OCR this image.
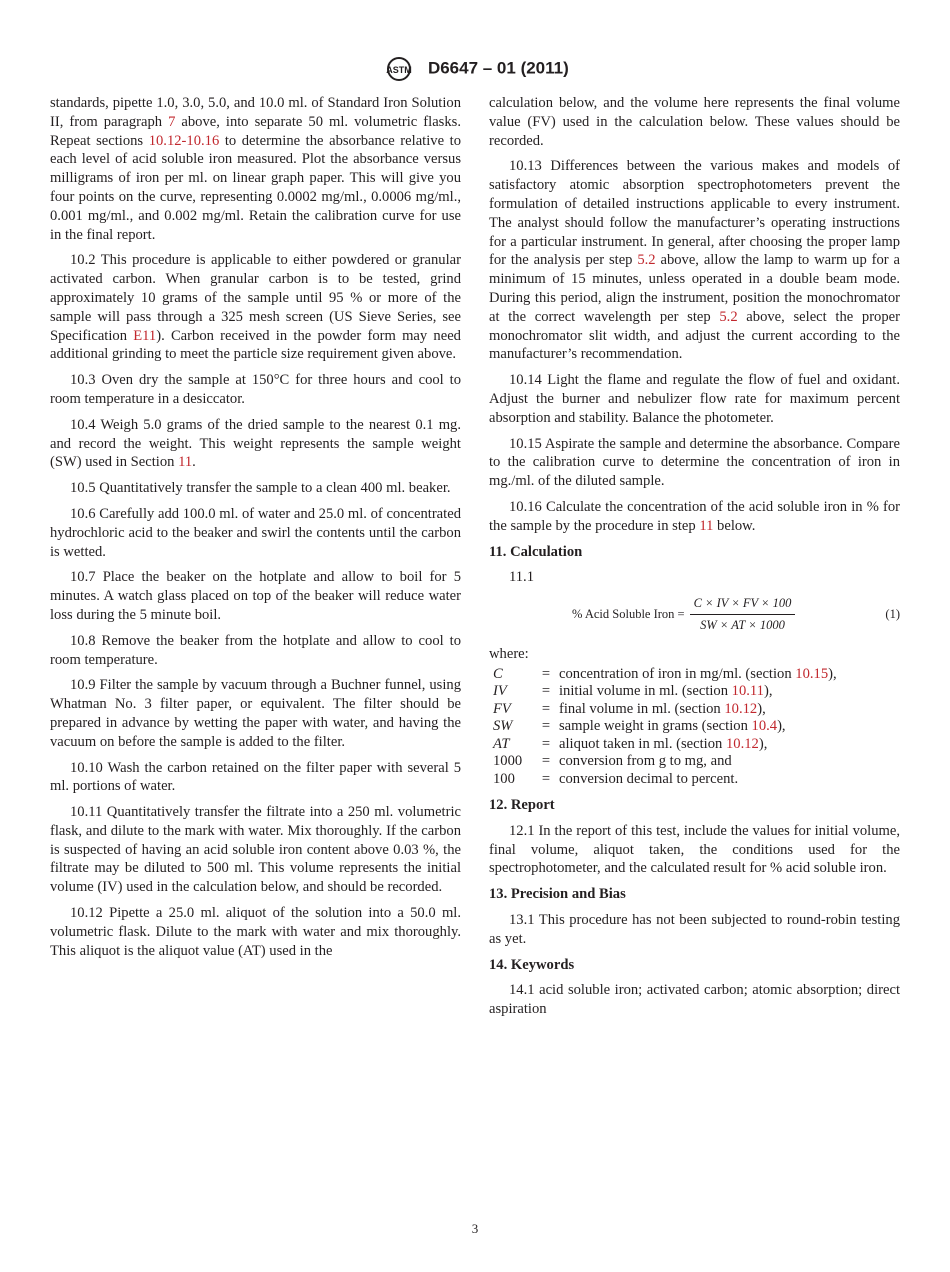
ASTM D6647 – 01 (2011)

standards, pipette 1.0, 3.0, 5.0, and 10.0 ml. of Standard Iron Solution II, from paragraph 7 above, into separate 50 ml. volumetric flasks. Repeat sections 10.12-10.16 to determine the absorbance relative to each level of acid soluble iron measured. Plot the absorbance versus milligrams of iron per ml. on linear graph paper. This will give you four points on the curve, representing 0.0002 mg/ml., 0.0006 mg/ml., 0.001 mg/ml., and 0.002 mg/ml. Retain the calibration curve for use in the final report.

10.2 This procedure is applicable to either powdered or granular activated carbon. When granular carbon is to be tested, grind approximately 10 grams of the sample until 95 % or more of the sample will pass through a 325 mesh screen (US Sieve Series, see Specification E11). Carbon received in the powder form may need additional grinding to meet the particle size requirement given above.

10.3 Oven dry the sample at 150°C for three hours and cool to room temperature in a desiccator.

10.4 Weigh 5.0 grams of the dried sample to the nearest 0.1 mg. and record the weight. This weight represents the sample weight (SW) used in Section 11.

10.5 Quantitatively transfer the sample to a clean 400 ml. beaker.

10.6 Carefully add 100.0 ml. of water and 25.0 ml. of concentrated hydrochloric acid to the beaker and swirl the contents until the carbon is wetted.

10.7 Place the beaker on the hotplate and allow to boil for 5 minutes. A watch glass placed on top of the beaker will reduce water loss during the 5 minute boil.

10.8 Remove the beaker from the hotplate and allow to cool to room temperature.

10.9 Filter the sample by vacuum through a Buchner funnel, using Whatman No. 3 filter paper, or equivalent. The filter should be prepared in advance by wetting the paper with water, and having the vacuum on before the sample is added to the filter.

10.10 Wash the carbon retained on the filter paper with several 5 ml. portions of water.

10.11 Quantitatively transfer the filtrate into a 250 ml. volumetric flask, and dilute to the mark with water. Mix thoroughly. If the carbon is suspected of having an acid soluble iron content above 0.03 %, the filtrate may be diluted to 500 ml. This volume represents the initial volume (IV) used in the calculation below, and should be recorded.

10.12 Pipette a 25.0 ml. aliquot of the solution into a 50.0 ml. volumetric flask. Dilute to the mark with water and mix thoroughly. This aliquot is the aliquot value (AT) used in the

calculation below, and the volume here represents the final volume value (FV) used in the calculation below. These values should be recorded.

10.13 Differences between the various makes and models of satisfactory atomic absorption spectrophotometers prevent the formulation of detailed instructions applicable to every instrument. The analyst should follow the manufacturer’s operating instructions for a particular instrument. In general, after choosing the proper lamp for the analysis per step 5.2 above, allow the lamp to warm up for a minimum of 15 minutes, unless operated in a double beam mode. During this period, align the instrument, position the monochromator at the correct wavelength per step 5.2 above, select the proper monochromator slit width, and adjust the current according to the manufacturer’s recommendation.

10.14 Light the flame and regulate the flow of fuel and oxidant. Adjust the burner and nebulizer flow rate for maximum percent absorption and stability. Balance the photometer.

10.15 Aspirate the sample and determine the absorbance. Compare to the calibration curve to determine the concentration of iron in mg./ml. of the diluted sample.

10.16 Calculate the concentration of the acid soluble iron in % for the sample by the procedure in step 11 below.

11. Calculation

11.1

% Acid Soluble Iron = $\frac{C \times IV \times FV \times 100}{SW \times AT \times 1000}$	(1)

where:

C	=	concentration of iron in mg/ml. (section 10.15),
IV	=	initial volume in ml. (section 10.11),
FV	=	final volume in ml. (section 10.12),
SW	=	sample weight in grams (section 10.4),
AT	=	aliquot taken in ml. (section 10.12),
1000	=	conversion from g to mg, and
100	=	conversion decimal to percent.
12. Report

12.1 In the report of this test, include the values for initial volume, final volume, aliquot taken, the conditions used for the spectrophotometer, and the calculated result for % acid soluble iron.

13. Precision and Bias

13.1 This procedure has not been subjected to round-robin testing as yet.

14. Keywords

14.1 acid soluble iron; activated carbon; atomic absorption; direct aspiration

3
